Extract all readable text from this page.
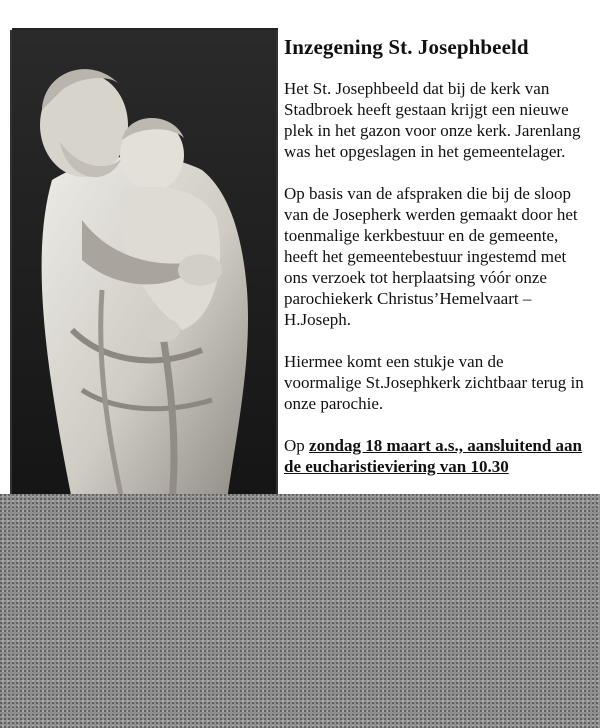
Inzegening St. Josephbeeld

Het St. Josephbeeld dat bij de kerk van Stadbroek heeft gestaan krijgt een nieuwe plek in het gazon voor onze kerk. Jarenlang was het opgeslagen in het gemeentelager.

Op basis van de afspraken die bij de sloop van de Josepherk werden gemaakt door het toenmalige kerkbestuur en de gemeente, heeft het gemeentebestuur ingestemd met ons verzoek tot herplaatsing vóór onze parochiekerk Christus’Hemelvaart – H.Joseph.

Hiermee komt een stukje van de voormalige St.Josephkerk zichtbaar terug in onze parochie.

Op zondag 18 maart a.s., aansluitend aan de eucharistieviering van 10.30
